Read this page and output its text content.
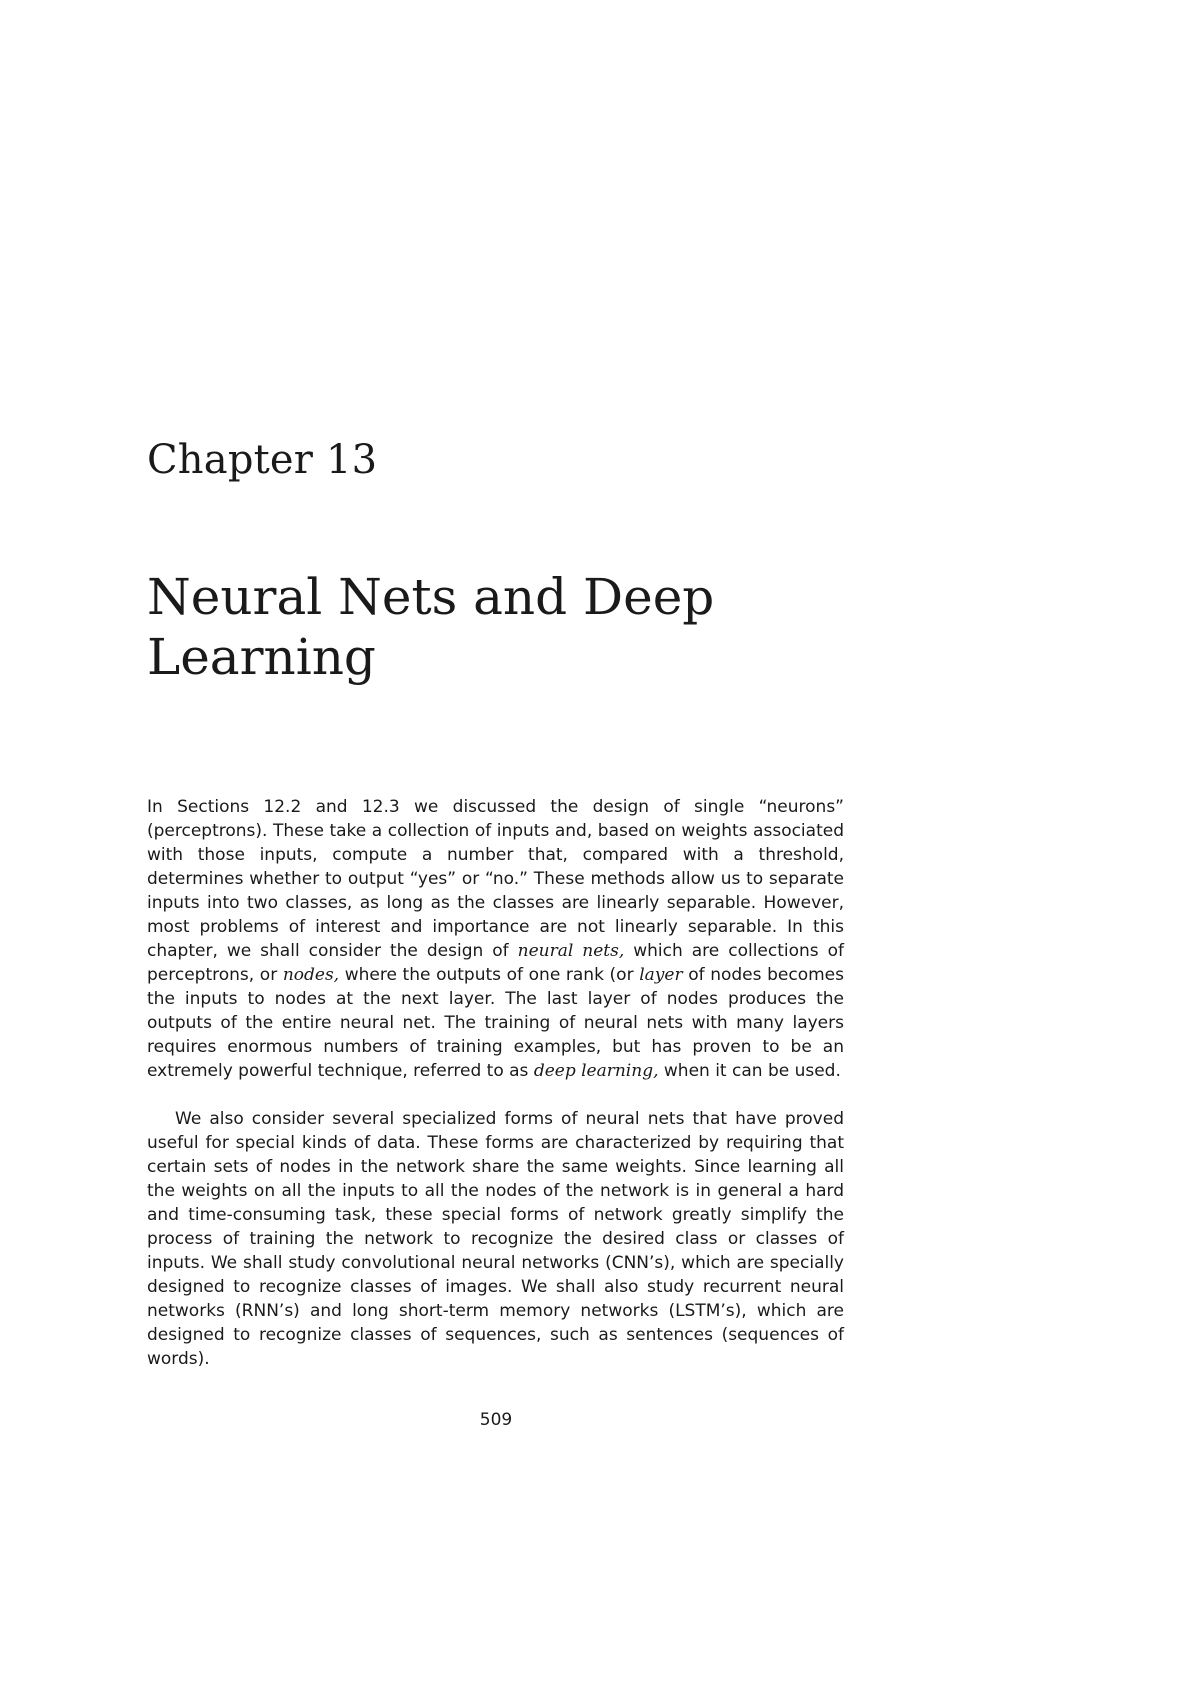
Chapter 13
Neural Nets and Deep Learning

In Sections 12.2 and 12.3 we discussed the design of single “neurons” (perceptrons). These take a collection of inputs and, based on weights associated with those inputs, compute a number that, compared with a threshold, determines whether to output “yes” or “no.” These methods allow us to separate inputs into two classes, as long as the classes are linearly separable. However, most problems of interest and importance are not linearly separable. In this chapter, we shall consider the design of neural nets, which are collections of perceptrons, or nodes, where the outputs of one rank (or layer of nodes becomes the inputs to nodes at the next layer. The last layer of nodes produces the outputs of the entire neural net. The training of neural nets with many layers requires enormous numbers of training examples, but has proven to be an extremely powerful technique, referred to as deep learning, when it can be used.

We also consider several specialized forms of neural nets that have proved useful for special kinds of data. These forms are characterized by requiring that certain sets of nodes in the network share the same weights. Since learning all the weights on all the inputs to all the nodes of the network is in general a hard and time-consuming task, these special forms of network greatly simplify the process of training the network to recognize the desired class or classes of inputs. We shall study convolutional neural networks (CNN’s), which are specially designed to recognize classes of images. We shall also study recurrent neural networks (RNN’s) and long short-term memory networks (LSTM’s), which are designed to recognize classes of sequences, such as sentences (sequences of words).

509
